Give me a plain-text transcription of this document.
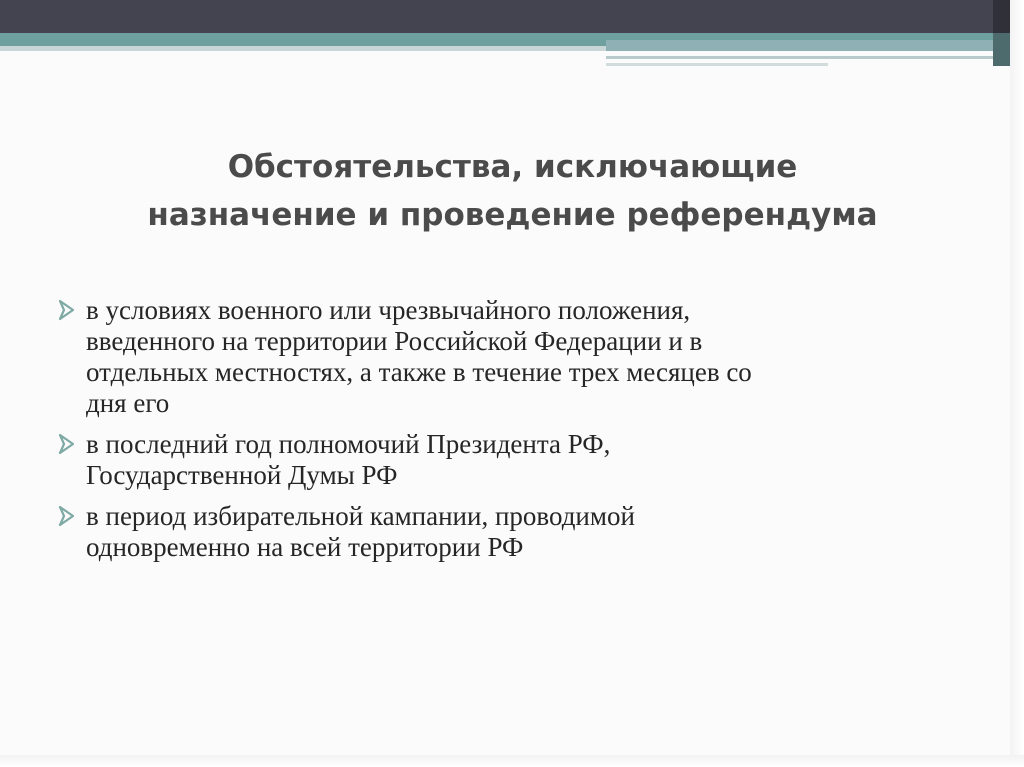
Обстоятельства, исключающие
назначение и проведение референдума
в условиях военного или чрезвычайного положения,
введенного на территории Российской Федерации и в
отдельных местностях, а также в течение трех месяцев со
дня его
в последний год полномочий Президента РФ,
Государственной Думы РФ
в период избирательной кампании, проводимой
одновременно на всей территории РФ
